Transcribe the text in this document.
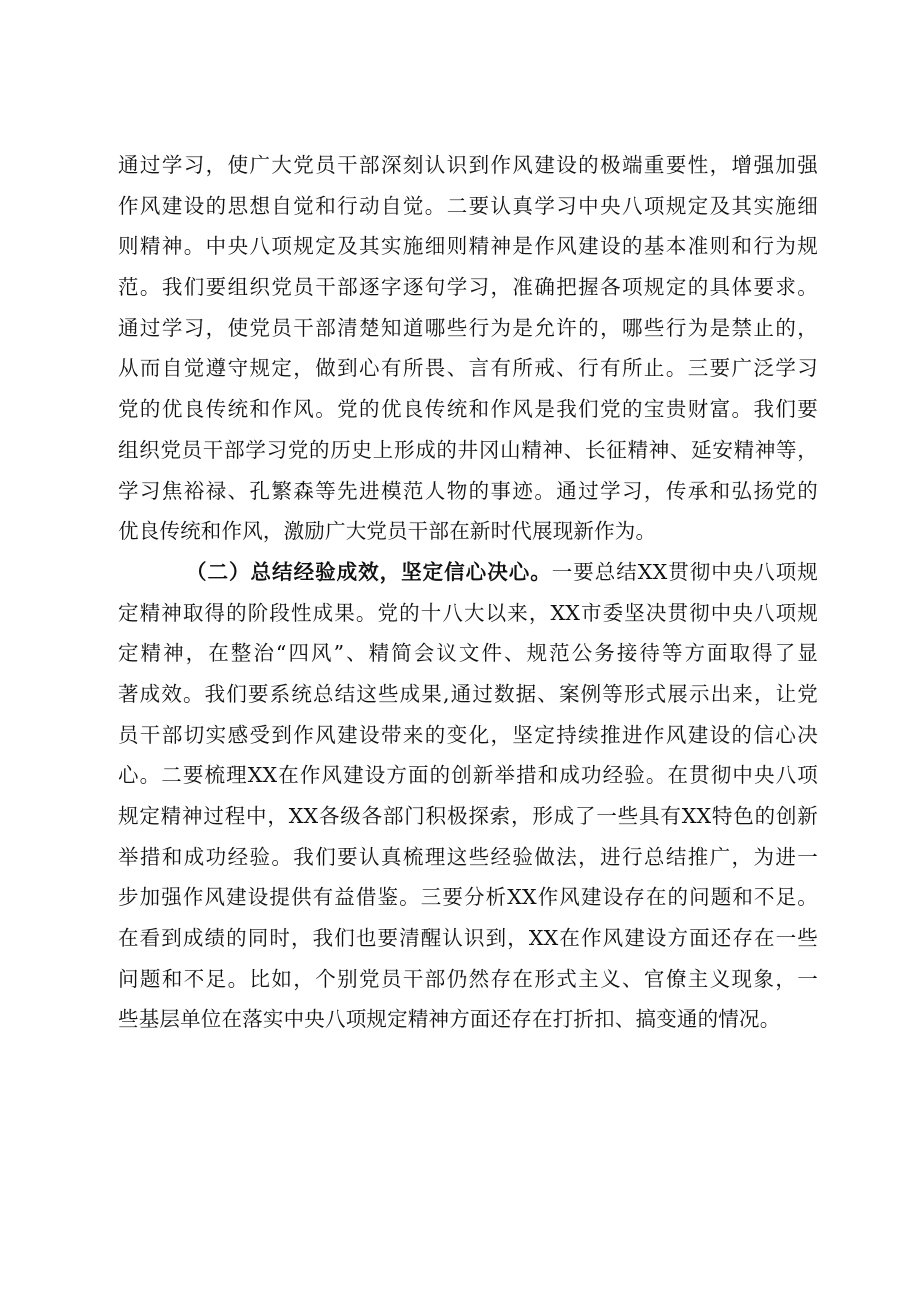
通过学习，使广大党员干部深刻认识到作风建设的极端重要性，增强加强
作风建设的思想自觉和行动自觉。二要认真学习中央八项规定及其实施细
则精神。中央八项规定及其实施细则精神是作风建设的基本准则和行为规
范。我们要组织党员干部逐字逐句学习，准确把握各项规定的具体要求。
通过学习，使党员干部清楚知道哪些行为是允许的，哪些行为是禁止的，
从而自觉遵守规定，做到心有所畏、言有所戒、行有所止。三要广泛学习
党的优良传统和作风。党的优良传统和作风是我们党的宝贵财富。我们要
组织党员干部学习党的历史上形成的井冈山精神、长征精神、延安精神等，
学习焦裕禄、孔繁森等先进模范人物的事迹。通过学习，传承和弘扬党的
优良传统和作风，激励广大党员干部在新时代展现新作为。
（二）总结经验成效，坚定信心决心。一要总结XX贯彻中央八项规
定精神取得的阶段性成果。党的十八大以来，XX市委坚决贯彻中央八项规
定精神，在整治“四风”、精简会议文件、规范公务接待等方面取得了显
著成效。我们要系统总结这些成果,通过数据、案例等形式展示出来，让党
员干部切实感受到作风建设带来的变化，坚定持续推进作风建设的信心决
心。二要梳理XX在作风建设方面的创新举措和成功经验。在贯彻中央八项
规定精神过程中，XX各级各部门积极探索，形成了一些具有XX特色的创新
举措和成功经验。我们要认真梳理这些经验做法，进行总结推广，为进一
步加强作风建设提供有益借鉴。三要分析XX作风建设存在的问题和不足。
在看到成绩的同时，我们也要清醒认识到，XX在作风建设方面还存在一些
问题和不足。比如，个别党员干部仍然存在形式主义、官僚主义现象，一
些基层单位在落实中央八项规定精神方面还存在打折扣、搞变通的情况。
